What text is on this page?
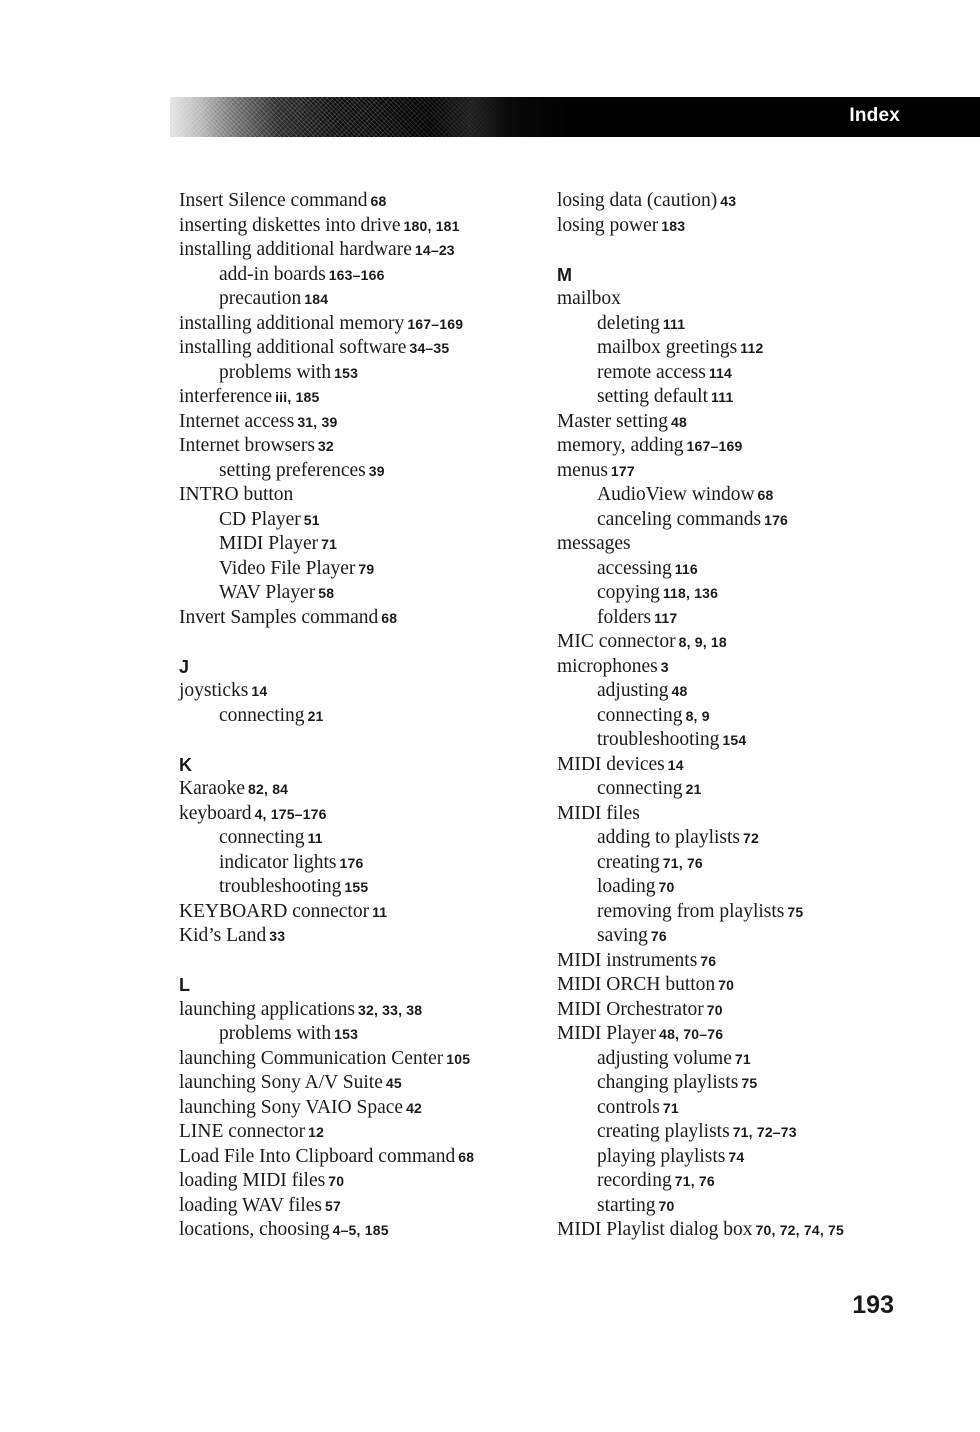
Index
Insert Silence command 68
inserting diskettes into drive 180, 181
installing additional hardware 14–23
add-in boards 163–166
precaution 184
installing additional memory 167–169
installing additional software 34–35
problems with 153
interference iii, 185
Internet access 31, 39
Internet browsers 32
setting preferences 39
INTRO button
CD Player 51
MIDI Player 71
Video File Player 79
WAV Player 58
Invert Samples command 68
J
joysticks 14
connecting 21
K
Karaoke 82, 84
keyboard 4, 175–176
connecting 11
indicator lights 176
troubleshooting 155
KEYBOARD connector 11
Kid’s Land 33
L
launching applications 32, 33, 38
problems with 153
launching Communication Center 105
launching Sony A/V Suite 45
launching Sony VAIO Space 42
LINE connector 12
Load File Into Clipboard command 68
loading MIDI files 70
loading WAV files 57
locations, choosing 4–5, 185
losing data (caution) 43
losing power 183
M
mailbox
deleting 111
mailbox greetings 112
remote access 114
setting default 111
Master setting 48
memory, adding 167–169
menus 177
AudioView window 68
canceling commands 176
messages
accessing 116
copying 118, 136
folders 117
MIC connector 8, 9, 18
microphones 3
adjusting 48
connecting 8, 9
troubleshooting 154
MIDI devices 14
connecting 21
MIDI files
adding to playlists 72
creating 71, 76
loading 70
removing from playlists 75
saving 76
MIDI instruments 76
MIDI ORCH button 70
MIDI Orchestrator 70
MIDI Player 48, 70–76
adjusting volume 71
changing playlists 75
controls 71
creating playlists 71, 72–73
playing playlists 74
recording 71, 76
starting 70
MIDI Playlist dialog box 70, 72, 74, 75
193
